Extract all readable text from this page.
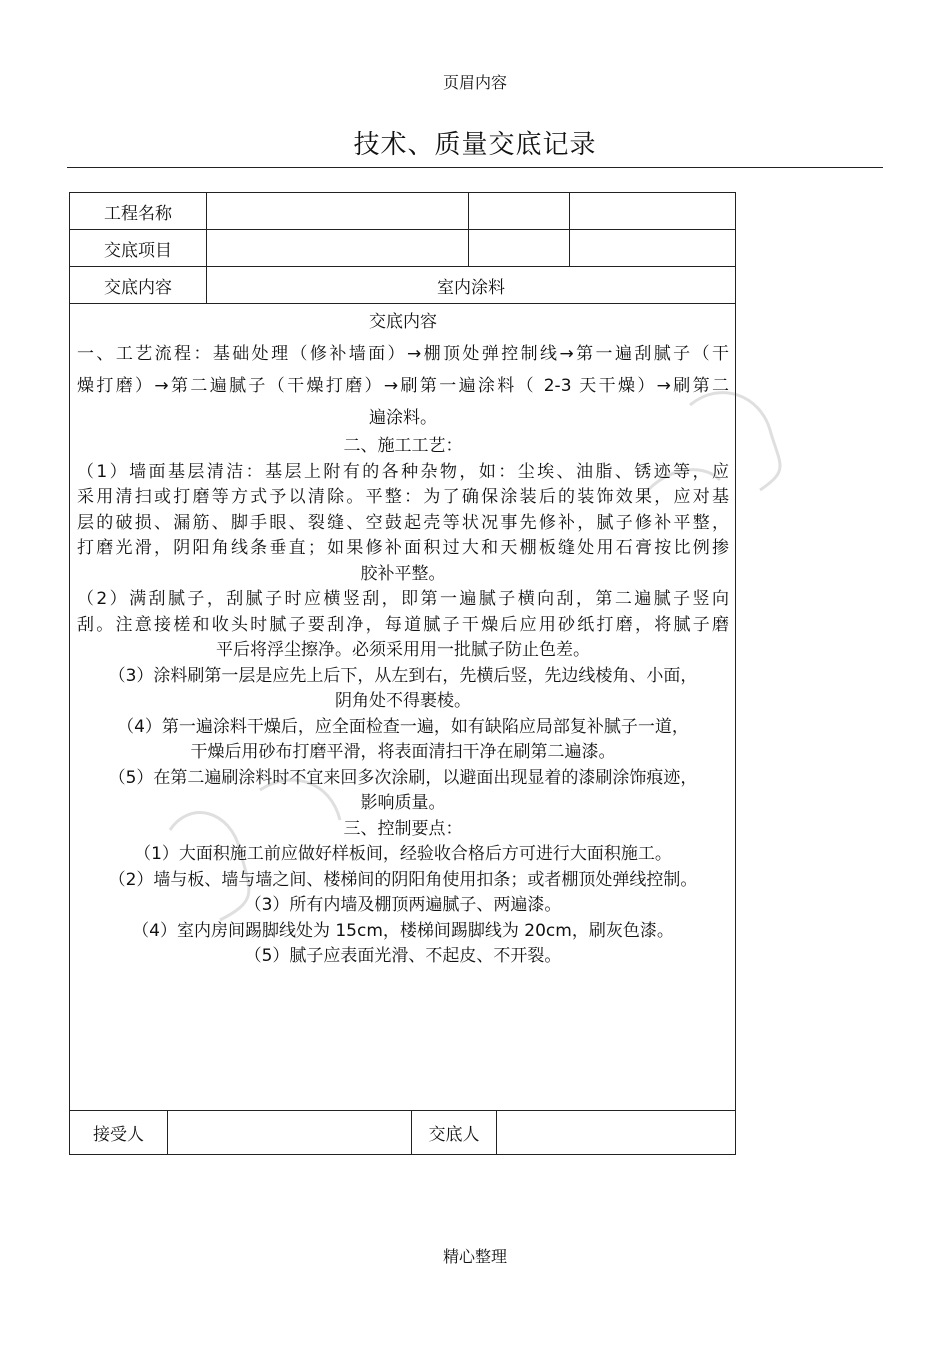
页眉内容
技术、质量交底记录
工程名称
交底项目
交底内容	室内涂料
接受人	交底人
交底内容
一、工艺流程：基础处理（修补墙面）→棚顶处弹控制线→第一遍刮腻子（干
燥打磨）→第二遍腻子（干燥打磨）→刷第一遍涂料（ 2-3 天干燥）→刷第二
遍涂料。
二、施工工艺：
（1）墙面基层清洁：基层上附有的各种杂物，如：尘埃、油脂、锈迹等，应
采用清扫或打磨等方式予以清除。平整：为了确保涂装后的装饰效果，应对基
层的破损、漏筋、脚手眼、裂缝、空鼓起壳等状况事先修补，腻子修补平整，
打磨光滑，阴阳角线条垂直；如果修补面积过大和天棚板缝处用石膏按比例掺
胶补平整。
（2）满刮腻子，刮腻子时应横竖刮，即第一遍腻子横向刮，第二遍腻子竖向
刮。注意接槎和收头时腻子要刮净，每道腻子干燥后应用砂纸打磨，将腻子磨
平后将浮尘擦净。必须采用用一批腻子防止色差。
（3）涂料刷第一层是应先上后下，从左到右，先横后竖，先边线棱角、小面，
阴角处不得裹棱。
（4）第一遍涂料干燥后，应全面检查一遍，如有缺陷应局部复补腻子一道，
干燥后用砂布打磨平滑，将表面清扫干净在刷第二遍漆。
（5）在第二遍刷涂料时不宜来回多次涂刷，以避面出现显着的漆刷涂饰痕迹，
影响质量。
三、控制要点：
（1）大面积施工前应做好样板间，经验收合格后方可进行大面积施工。
（2）墙与板、墙与墙之间、楼梯间的阴阳角使用扣条；或者棚顶处弹线控制。
（3）所有内墙及棚顶两遍腻子、两遍漆。
（4）室内房间踢脚线处为 15cm，楼梯间踢脚线为 20cm，刷灰色漆。
（5）腻子应表面光滑、不起皮、不开裂。
精心整理
